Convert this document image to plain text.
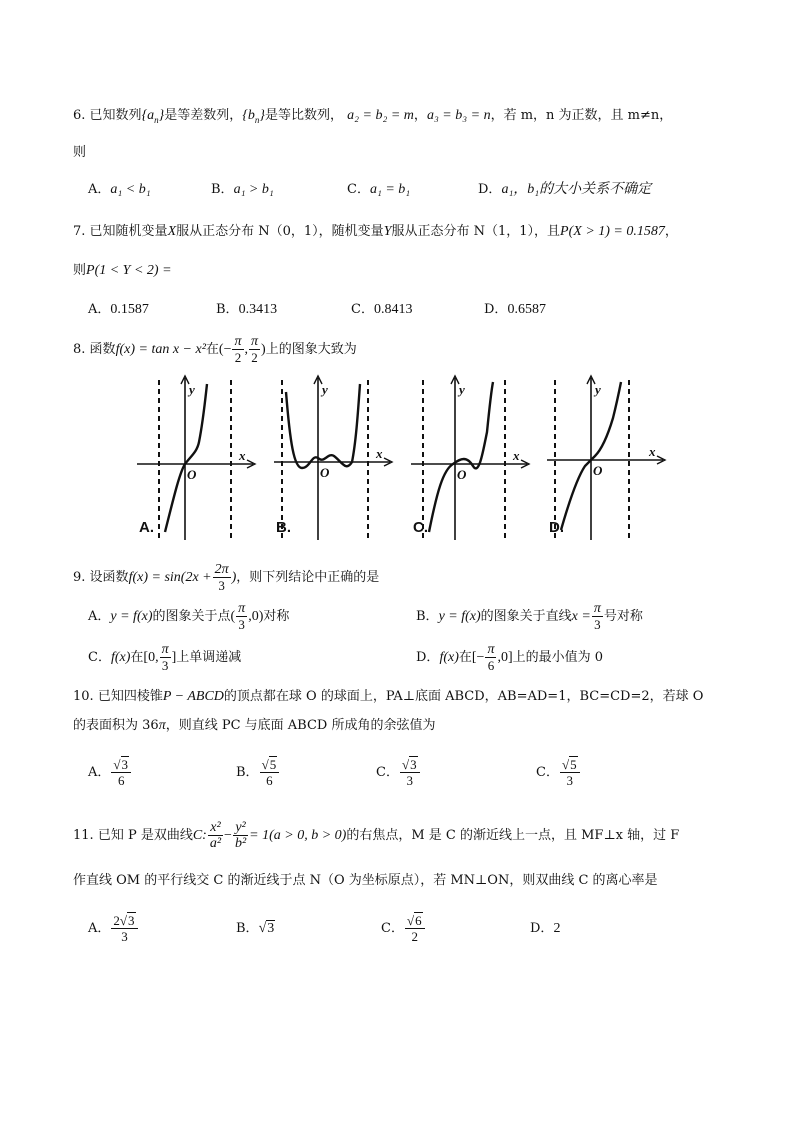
6. 已知数列$\{a_n\}$是等差数列，$\{b_n\}$是等比数列， a₂ = b₂ = m，a₃ = b₃ = n，若 m，n 为正数，且 m≠n，
则
A．a₁ < b₁	B．a₁ > b₁	C．a₁ = b₁	D．a₁，b₁的大小关系不确定
7. 已知随机变量X服从正态分布 N（0，1），随机变量Y服从正态分布 N（1，1），且P(X > 1) = 0.1587，
则P(1 < Y < 2) =
A．0.1587	B．0.3413	C．0.8413	D．0.6587
8. 函数f(x) = tan x − x²在(− $\frac{\pi}{2}$ , $\frac{\pi}{2}$ )上的图象大致为
y
x
O
A.
y
x
O
B.
y
x
O
C.
y
x
O
D.
9. 设函数$f(x) = \sin(2x + \frac{2\pi}{3}$ )，则下列结论中正确的是
A．y = f(x)的图象关于点( $\frac{\pi}{3} ,0$)对称	B．y = f(x)的图象关于直线$x = \frac{\pi}{3}$ 号对称
C．f(x)在[0, $\frac{\pi}{3}$ ]上单调递减	D．f(x)在[− $\frac{\pi}{6} ,0$]上的最小值为 0
10. 已知四棱锥P − ABCD的顶点都在球 O 的球面上，PA⊥底面 ABCD，AB=AD=1，BC=CD=2，若球 O
的表面积为 36π，则直线 PC 与底面 ABCD 所成角的余弦值为
A． $\frac{√3}{6}$	B． $\frac{√5}{6}$	C． $\frac{√3}{3}$	C． $\frac{√5}{3}$
11. 已知 P 是双曲线C: $\frac{\text{x²}}{\text{a²}} - \frac{\text{y²}}{\text{b²}} = 1(a > 0$, b > 0)的右焦点，M 是 C 的渐近线上一点，且 MF⊥x 轴，过 F
作直线 OM 的平行线交 C 的渐近线于点 N（O 为坐标原点），若 MN⊥ON，则双曲线 C 的离心率是
A． $\frac{2√3}{3}$	B．√3	C． $\frac{√6}{2}$	D．2
